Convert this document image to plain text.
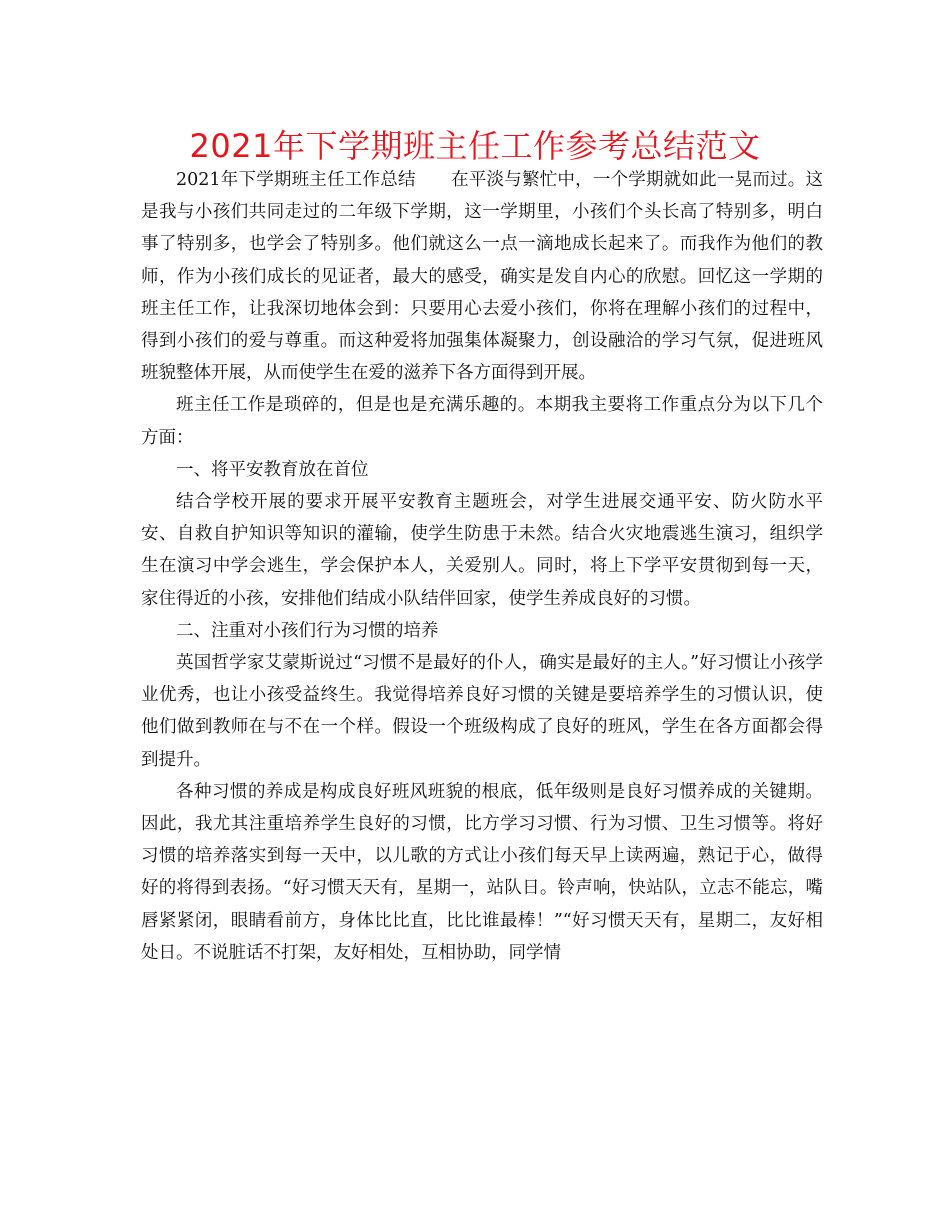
2021年下学期班主任工作参考总结范文

2021年下学期班主任工作总结　　在平淡与繁忙中，一个学期就如此一晃而过。这是我与小孩们共同走过的二年级下学期，这一学期里，小孩们个头长高了特别多，明白事了特别多，也学会了特别多。他们就这么一点一滴地成长起来了。而我作为他们的教师，作为小孩们成长的见证者，最大的感受，确实是发自内心的欣慰。回忆这一学期的班主任工作，让我深切地体会到：只要用心去爱小孩们，你将在理解小孩们的过程中，得到小孩们的爱与尊重。而这种爱将加强集体凝聚力，创设融洽的学习气氛，促进班风班貌整体开展，从而使学生在爱的滋养下各方面得到开展。

班主任工作是琐碎的，但是也是充满乐趣的。本期我主要将工作重点分为以下几个方面：

一、将平安教育放在首位

结合学校开展的要求开展平安教育主题班会，对学生进展交通平安、防火防水平安、自救自护知识等知识的灌输，使学生防患于未然。结合火灾地震逃生演习，组织学生在演习中学会逃生，学会保护本人，关爱别人。同时，将上下学平安贯彻到每一天，家住得近的小孩，安排他们结成小队结伴回家，使学生养成良好的习惯。

二、注重对小孩们行为习惯的培养

英国哲学家艾蒙斯说过“习惯不是最好的仆人，确实是最好的主人。”好习惯让小孩学业优秀，也让小孩受益终生。我觉得培养良好习惯的关键是要培养学生的习惯认识，使他们做到教师在与不在一个样。假设一个班级构成了良好的班风，学生在各方面都会得到提升。

各种习惯的养成是构成良好班风班貌的根底，低年级则是良好习惯养成的关键期。因此，我尤其注重培养学生良好的习惯，比方学习习惯、行为习惯、卫生习惯等。将好习惯的培养落实到每一天中，以儿歌的方式让小孩们每天早上读两遍，熟记于心，做得好的将得到表扬。“好习惯天天有，星期一，站队日。铃声响，快站队，立志不能忘，嘴唇紧紧闭，眼睛看前方，身体比比直，比比谁最棒！”“好习惯天天有，星期二，友好相处日。不说脏话不打架，友好相处，互相协助，同学情
